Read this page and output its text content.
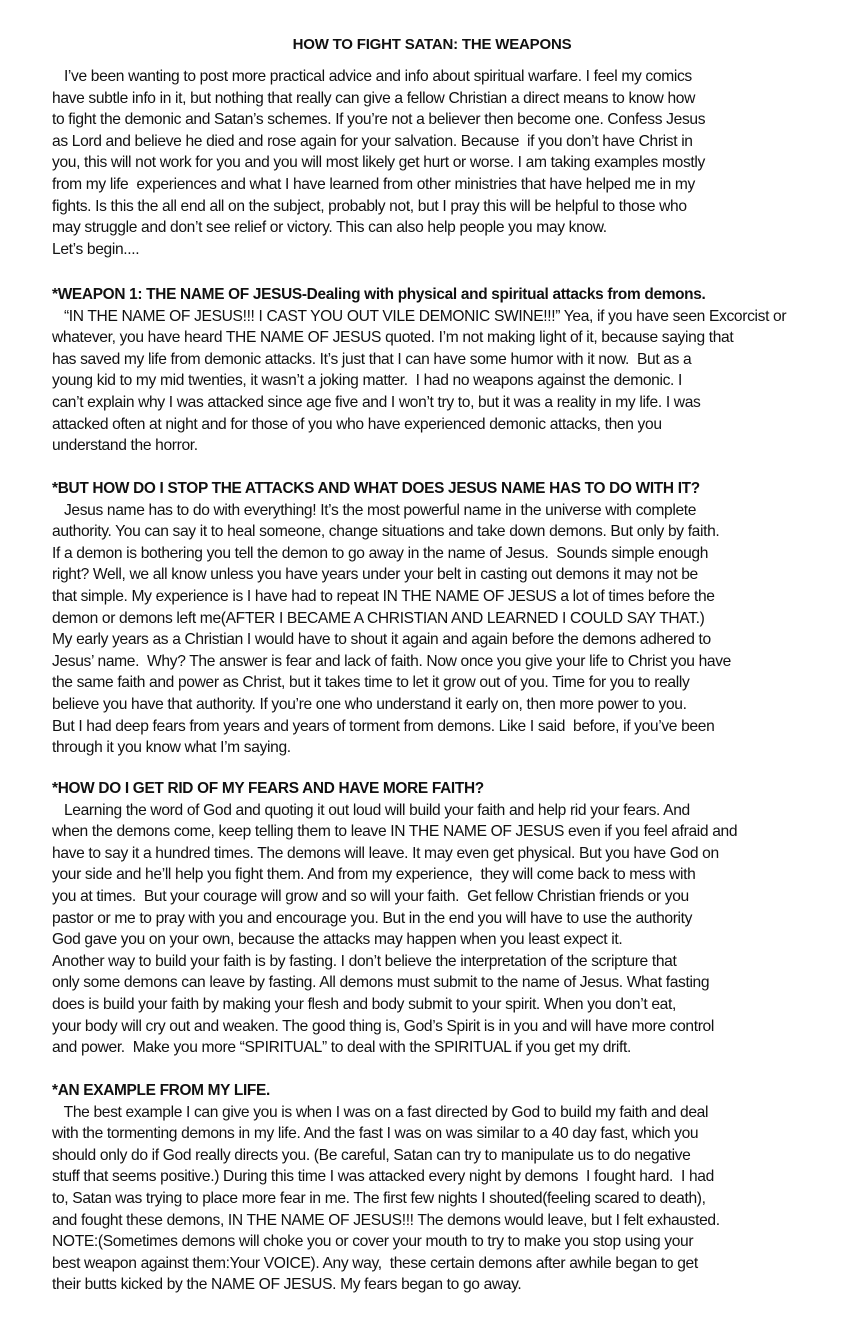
HOW TO FIGHT SATAN: THE WEAPONS
I’ve been wanting to post more practical advice and info about spiritual warfare. I feel my comics
have subtle info in it, but nothing that really can give a fellow Christian a direct means to know how
to fight the demonic and Satan’s schemes. If you’re not a believer then become one. Confess Jesus
as Lord and believe he died and rose again for your salvation. Because  if you don’t have Christ in
you, this will not work for you and you will most likely get hurt or worse. I am taking examples mostly
from my life  experiences and what I have learned from other ministries that have helped me in my
fights. Is this the all end all on the subject, probably not, but I pray this will be helpful to those who
may struggle and don’t see relief or victory. This can also help people you may know.
Let’s begin....
*WEAPON 1: THE NAME OF JESUS-Dealing with physical and spiritual attacks from demons.
“IN THE NAME OF JESUS!!! I CAST YOU OUT VILE DEMONIC SWINE!!!” Yea, if you have seen Excorcist or
whatever, you have heard THE NAME OF JESUS quoted. I’m not making light of it, because saying that
has saved my life from demonic attacks. It’s just that I can have some humor with it now.  But as a
young kid to my mid twenties, it wasn’t a joking matter.  I had no weapons against the demonic. I
can’t explain why I was attacked since age five and I won’t try to, but it was a reality in my life. I was
attacked often at night and for those of you who have experienced demonic attacks, then you
understand the horror.
*BUT HOW DO I STOP THE ATTACKS AND WHAT DOES JESUS NAME HAS TO DO WITH IT?
Jesus name has to do with everything! It’s the most powerful name in the universe with complete
authority. You can say it to heal someone, change situations and take down demons. But only by faith.
If a demon is bothering you tell the demon to go away in the name of Jesus.  Sounds simple enough
right? Well, we all know unless you have years under your belt in casting out demons it may not be
that simple. My experience is I have had to repeat IN THE NAME OF JESUS a lot of times before the
demon or demons left me(AFTER I BECAME A CHRISTIAN AND LEARNED I COULD SAY THAT.)
My early years as a Christian I would have to shout it again and again before the demons adhered to
Jesus’ name.  Why? The answer is fear and lack of faith. Now once you give your life to Christ you have
the same faith and power as Christ, but it takes time to let it grow out of you. Time for you to really
believe you have that authority. If you’re one who understand it early on, then more power to you.
But I had deep fears from years and years of torment from demons. Like I said  before, if you’ve been
through it you know what I’m saying.
*HOW DO I GET RID OF MY FEARS AND HAVE MORE FAITH?
Learning the word of God and quoting it out loud will build your faith and help rid your fears. And
when the demons come, keep telling them to leave IN THE NAME OF JESUS even if you feel afraid and
have to say it a hundred times. The demons will leave. It may even get physical. But you have God on
your side and he’ll help you fight them. And from my experience,  they will come back to mess with
you at times.  But your courage will grow and so will your faith.  Get fellow Christian friends or you
pastor or me to pray with you and encourage you. But in the end you will have to use the authority
God gave you on your own, because the attacks may happen when you least expect it.
Another way to build your faith is by fasting. I don’t believe the interpretation of the scripture that
only some demons can leave by fasting. All demons must submit to the name of Jesus. What fasting
does is build your faith by making your flesh and body submit to your spirit. When you don’t eat,
your body will cry out and weaken. The good thing is, God’s Spirit is in you and will have more control
and power.  Make you more “SPIRITUAL” to deal with the SPIRITUAL if you get my drift.
*AN EXAMPLE FROM MY LIFE.
The best example I can give you is when I was on a fast directed by God to build my faith and deal
with the tormenting demons in my life. And the fast I was on was similar to a 40 day fast, which you
should only do if God really directs you. (Be careful, Satan can try to manipulate us to do negative
stuff that seems positive.) During this time I was attacked every night by demons  I fought hard.  I had
to, Satan was trying to place more fear in me. The first few nights I shouted(feeling scared to death),
and fought these demons, IN THE NAME OF JESUS!!! The demons would leave, but I felt exhausted.
NOTE:(Sometimes demons will choke you or cover your mouth to try to make you stop using your
best weapon against them:Your VOICE). Any way,  these certain demons after awhile began to get
their butts kicked by the NAME OF JESUS. My fears began to go away.
